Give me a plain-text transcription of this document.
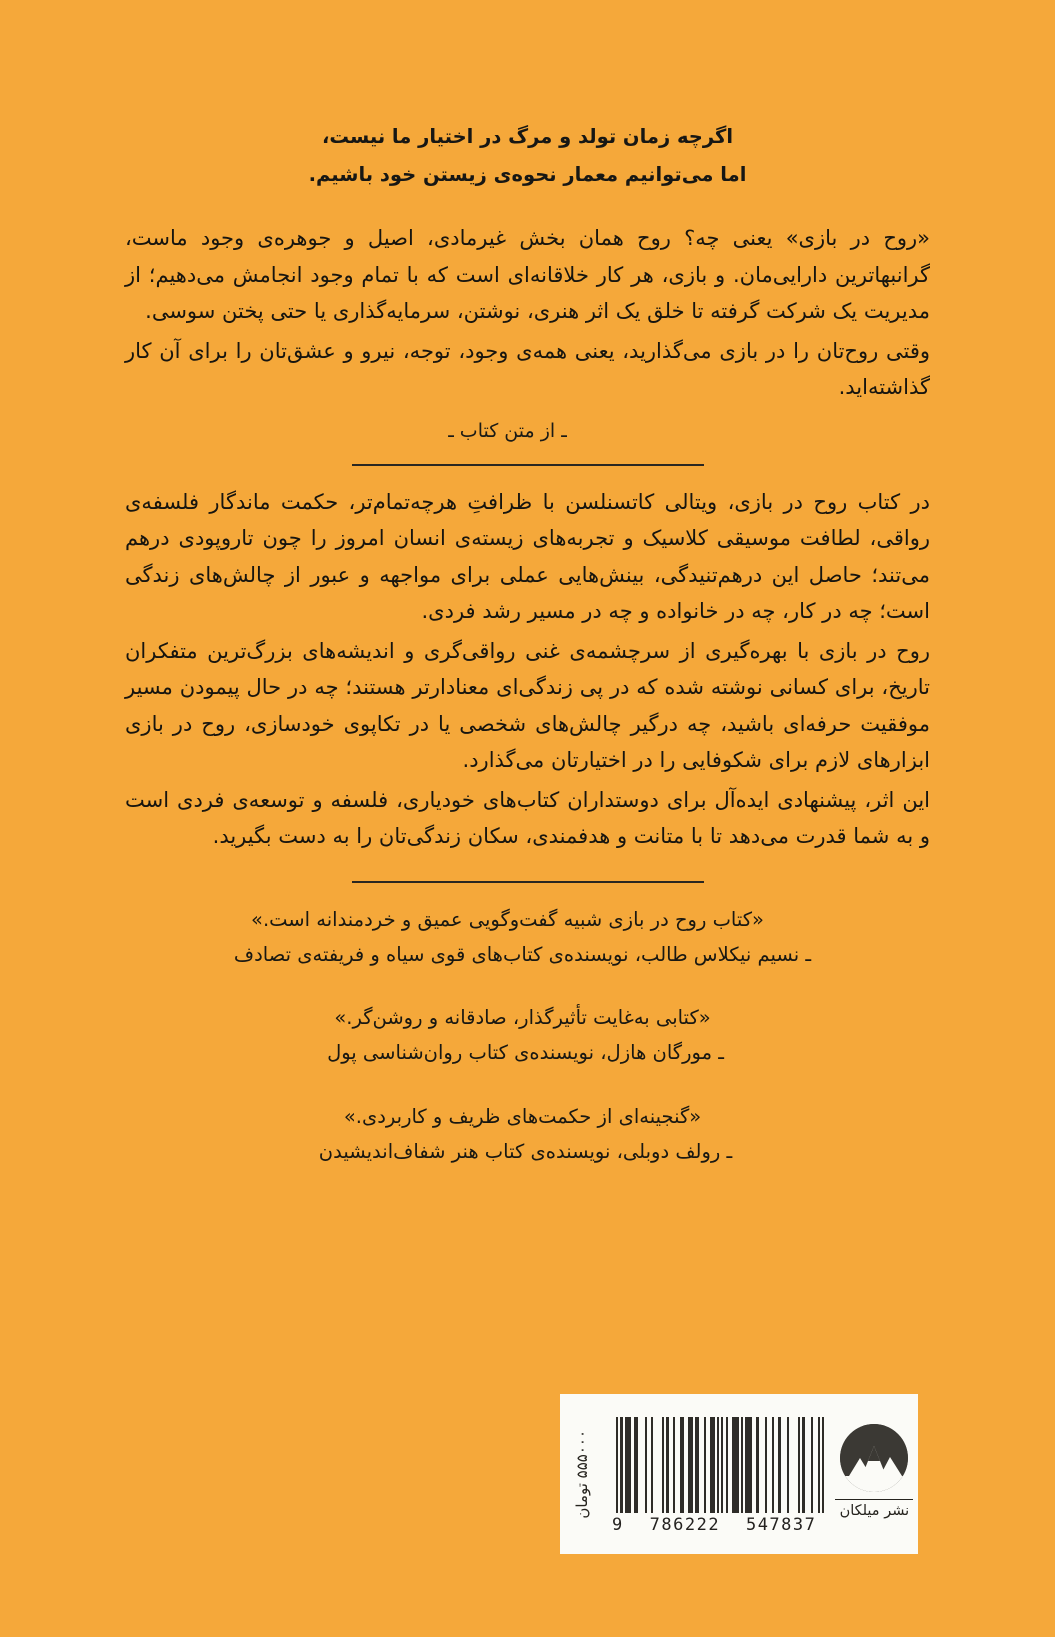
اگرچه زمان تولد و مرگ در اختیار ما نیست،
اما می‌توانیم معمار نحوه‌ی زیستن خود باشیم.

«روح در بازی» یعنی چه؟ روح همان بخش غیرمادی، اصیل و جوهره‌ی وجود ماست، گرانبهاترین دارایی‌مان. و بازی، هر کار خلاقانه‌ای است که با تمام وجود انجامش می‌دهیم؛ از مدیریت یک شرکت گرفته تا خلق یک اثر هنری، نوشتن، سرمایه‌گذاری یا حتی پختن سوسی.

وقتی روح‌تان را در بازی می‌گذارید، یعنی همه‌ی وجود، توجه، نیرو و عشق‌تان را برای آن کار گذاشته‌اید.

ـ از متن کتاب ـ

در کتاب روح در بازی، ویتالی کاتسنلسن با ظرافتِ هرچه‌تمام‌تر، حکمت ماندگار فلسفه‌ی رواقی، لطافت موسیقی کلاسیک و تجربه‌های زیسته‌ی انسان امروز را چون تاروپودی درهم می‌تند؛ حاصل این درهم‌تنیدگی، بینش‌هایی عملی برای مواجهه و عبور از چالش‌های زندگی است؛ چه در کار، چه در خانواده و چه در مسیر رشد فردی.

روح در بازی با بهره‌گیری از سرچشمه‌ی غنی رواقی‌گری و اندیشه‌های بزرگ‌ترین متفکران تاریخ، برای کسانی نوشته شده که در پی زندگی‌ای معنادارتر هستند؛ چه در حال پیمودن مسیر موفقیت حرفه‌ای باشید، چه درگیر چالش‌های شخصی یا در تکاپوی خودسازی، روح در بازی ابزارهای لازم برای شکوفایی را در اختیارتان می‌گذارد.

این اثر، پیشنهادی ایده‌آل برای دوستداران کتاب‌های خودیاری، فلسفه و توسعه‌ی فردی است و به شما قدرت می‌دهد تا با متانت و هدفمندی، سکان زندگی‌تان را به دست بگیرید.

«کتاب روح در بازی شبیه گفت‌وگویی عمیق و خردمندانه است.»
ـ نسیم نیکلاس طالب، نویسنده‌ی کتاب‌های قوی سیاه و فریفته‌ی تصادف
«کتابی به‌غایت تأثیرگذار، صادقانه و روشن‌گر.»
ـ مورگان هازل، نویسنده‌ی کتاب روان‌شناسی پول
«گنجینه‌ای از حکمت‌های ظریف و کاربردی.»
ـ رولف دوبلی، نویسنده‌ی کتاب هنر شفاف‌اندیشیدن
۵۵۵۰۰۰ تومان
9 786222 547837
نشر میلکان
